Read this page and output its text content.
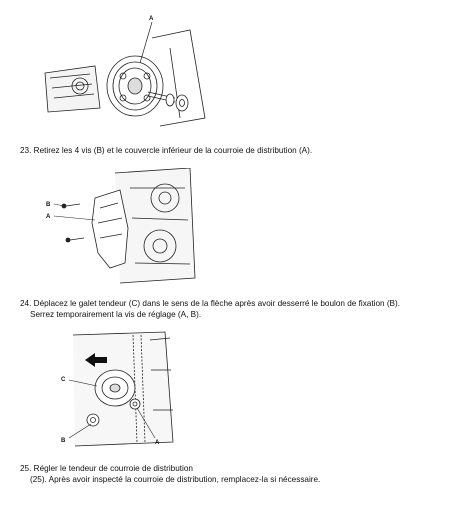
A
23. Retirez les 4 vis (B) et le couvercle inférieur de la courroie de distribution (A).
B
A
24. Déplacez le galet tendeur (C) dans le sens de la flèche après avoir desserré le boulon de fixation (B).
Serrez temporairement la vis de réglage (A, B).
C
B	A
25. Régler le tendeur de courroie de distribution
(25). Après avoir inspecté la courroie de distribution, remplacez-la si nécessaire.
